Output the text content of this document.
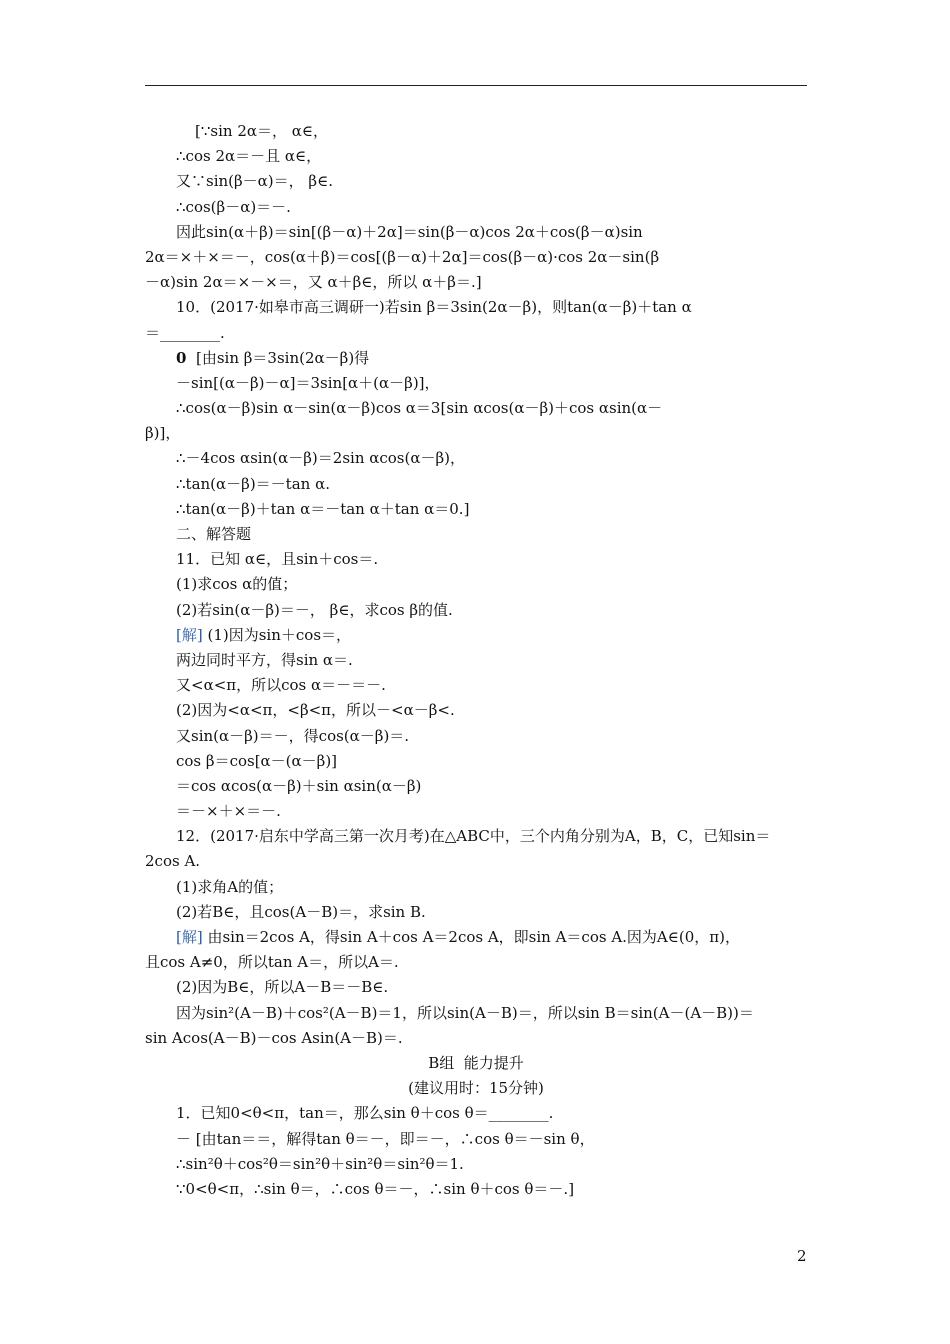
[∵sin 2α＝， α∈，
∴cos 2α＝－且 α∈，
又∵sin(β－α)＝， β∈.
∴cos(β－α)＝－.
因此sin(α＋β)＝sin[(β－α)＋2α]＝sin(β－α)cos 2α＋cos(β－α)sin
2α＝×＋×＝－，cos(α＋β)＝cos[(β－α)＋2α]＝cos(β－α)·cos 2α－sin(β
－α)sin 2α＝×－×＝，又 α＋β∈，所以 α＋β＝.]
10．(2017·如皋市高三调研一)若sin β＝3sin(2α－β)，则tan(α－β)＋tan α
＝________.
0  [由sin β＝3sin(2α－β)得
－sin[(α－β)－α]＝3sin[α＋(α－β)]，
∴cos(α－β)sin α－sin(α－β)cos α＝3[sin αcos(α－β)＋cos αsin(α－
β)]，
∴－4cos αsin(α－β)＝2sin αcos(α－β)，
∴tan(α－β)＝－tan α.
∴tan(α－β)＋tan α＝－tan α＋tan α＝0.]
二、解答题
11．已知 α∈，且sin＋cos＝.
(1)求cos α的值；
(2)若sin(α－β)＝－， β∈，求cos β的值.
[解] (1)因为sin＋cos＝，
两边同时平方，得sin α＝.
又<α<π，所以cos α＝－＝－.
(2)因为<α<π，<β<π，所以－<α－β<.
又sin(α－β)＝－，得cos(α－β)＝.
cos β＝cos[α－(α－β)]
＝cos αcos(α－β)＋sin αsin(α－β)
＝－×＋×＝－.
12．(2017·启东中学高三第一次月考)在△ABC中，三个内角分别为A，B，C，已知sin＝
2cos A.
(1)求角A的值；
(2)若B∈，且cos(A－B)＝，求sin B.
[解] 由sin＝2cos A，得sin A＋cos A＝2cos A，即sin A＝cos A.因为A∈(0，π)，
且cos A≠0，所以tan A＝，所以A＝.
(2)因为B∈，所以A－B＝－B∈.
因为sin²(A－B)＋cos²(A－B)＝1，所以sin(A－B)＝，所以sin B＝sin(A－(A－B))＝
sin Acos(A－B)－cos Asin(A－B)＝.
B组  能力提升
(建议用时：15分钟)
1．已知0<θ<π，tan＝，那么sin θ＋cos θ＝________.
－ [由tan＝＝，解得tan θ＝－，即＝－，∴cos θ＝－sin θ，
∴sin²θ＋cos²θ＝sin²θ＋sin²θ＝sin²θ＝1.
∵0<θ<π，∴sin θ＝，∴cos θ＝－，∴sin θ＋cos θ＝－.]
2
